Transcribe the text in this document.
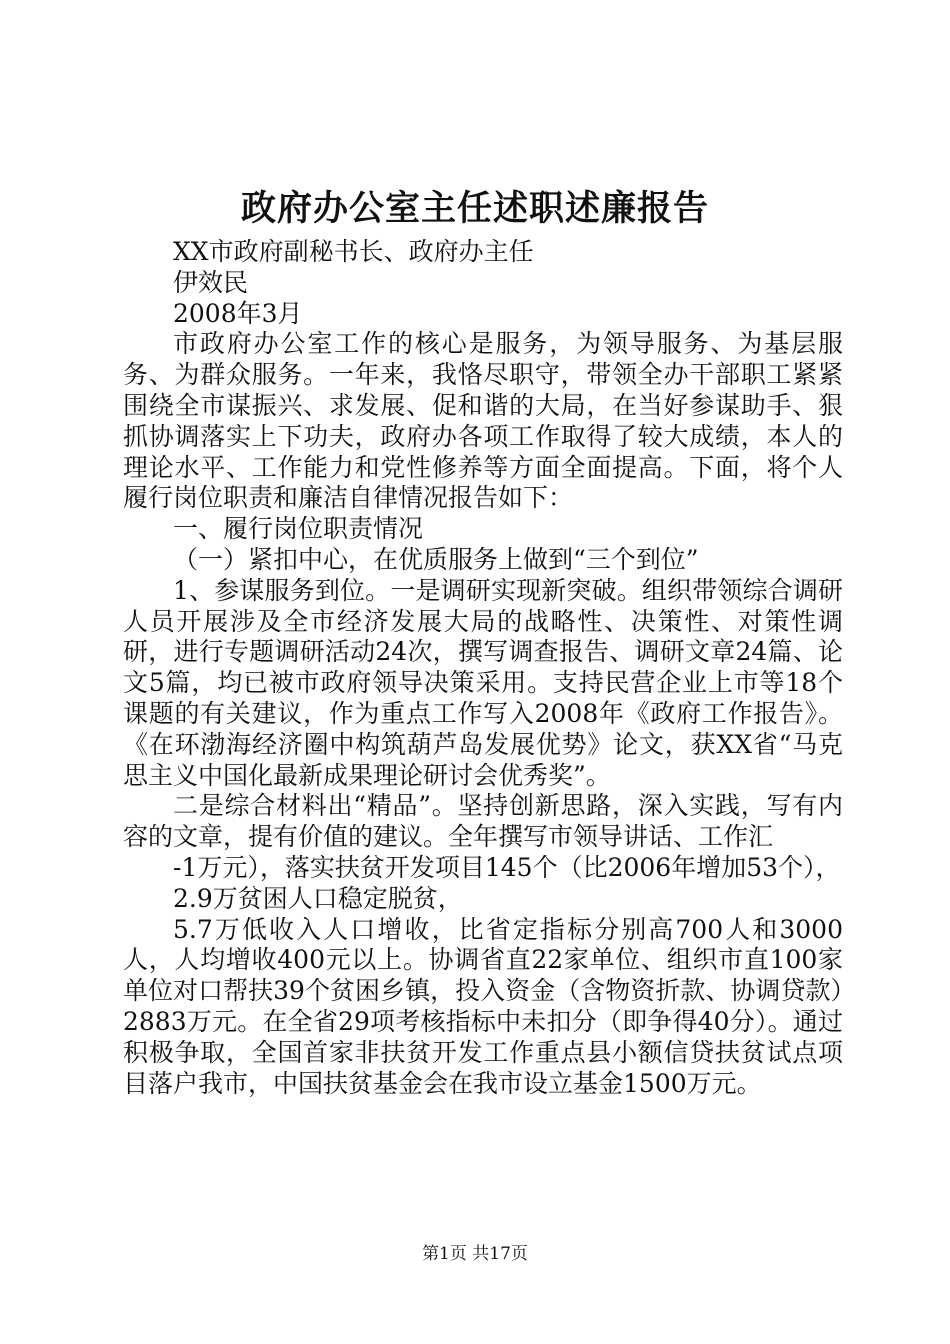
政府办公室主任述职述廉报告

XX市政府副秘书长、政府办主任

伊效民

2008年3月

市政府办公室工作的核心是服务，为领导服务、为基层服务、为群众服务。一年来，我恪尽职守，带领全办干部职工紧紧围绕全市谋振兴、求发展、促和谐的大局，在当好参谋助手、狠抓协调落实上下功夫，政府办各项工作取得了较大成绩，本人的理论水平、工作能力和党性修养等方面全面提高。下面，将个人履行岗位职责和廉洁自律情况报告如下：

一、履行岗位职责情况

（一）紧扣中心，在优质服务上做到“三个到位”

1、参谋服务到位。一是调研实现新突破。组织带领综合调研人员开展涉及全市经济发展大局的战略性、决策性、对策性调研，进行专题调研活动24次，撰写调查报告、调研文章24篇、论文5篇，均已被市政府领导决策采用。支持民营企业上市等18个课题的有关建议，作为重点工作写入2008年《政府工作报告》。《在环渤海经济圈中构筑葫芦岛发展优势》论文，获XX省“马克思主义中国化最新成果理论研讨会优秀奖”。

二是综合材料出“精品”。坚持创新思路，深入实践，写有内容的文章，提有价值的建议。全年撰写市领导讲话、工作汇

-1万元），落实扶贫开发项目145个（比2006年增加53个），

2.9万贫困人口稳定脱贫，

5.7万低收入人口增收，比省定指标分别高700人和3000人，人均增收400元以上。协调省直22家单位、组织市直100家单位对口帮扶39个贫困乡镇，投入资金（含物资折款、协调贷款）2883万元。在全省29项考核指标中未扣分（即争得40分）。通过积极争取，全国首家非扶贫开发工作重点县小额信贷扶贫试点项目落户我市，中国扶贫基金会在我市设立基金1500万元。

第1页 共17页
